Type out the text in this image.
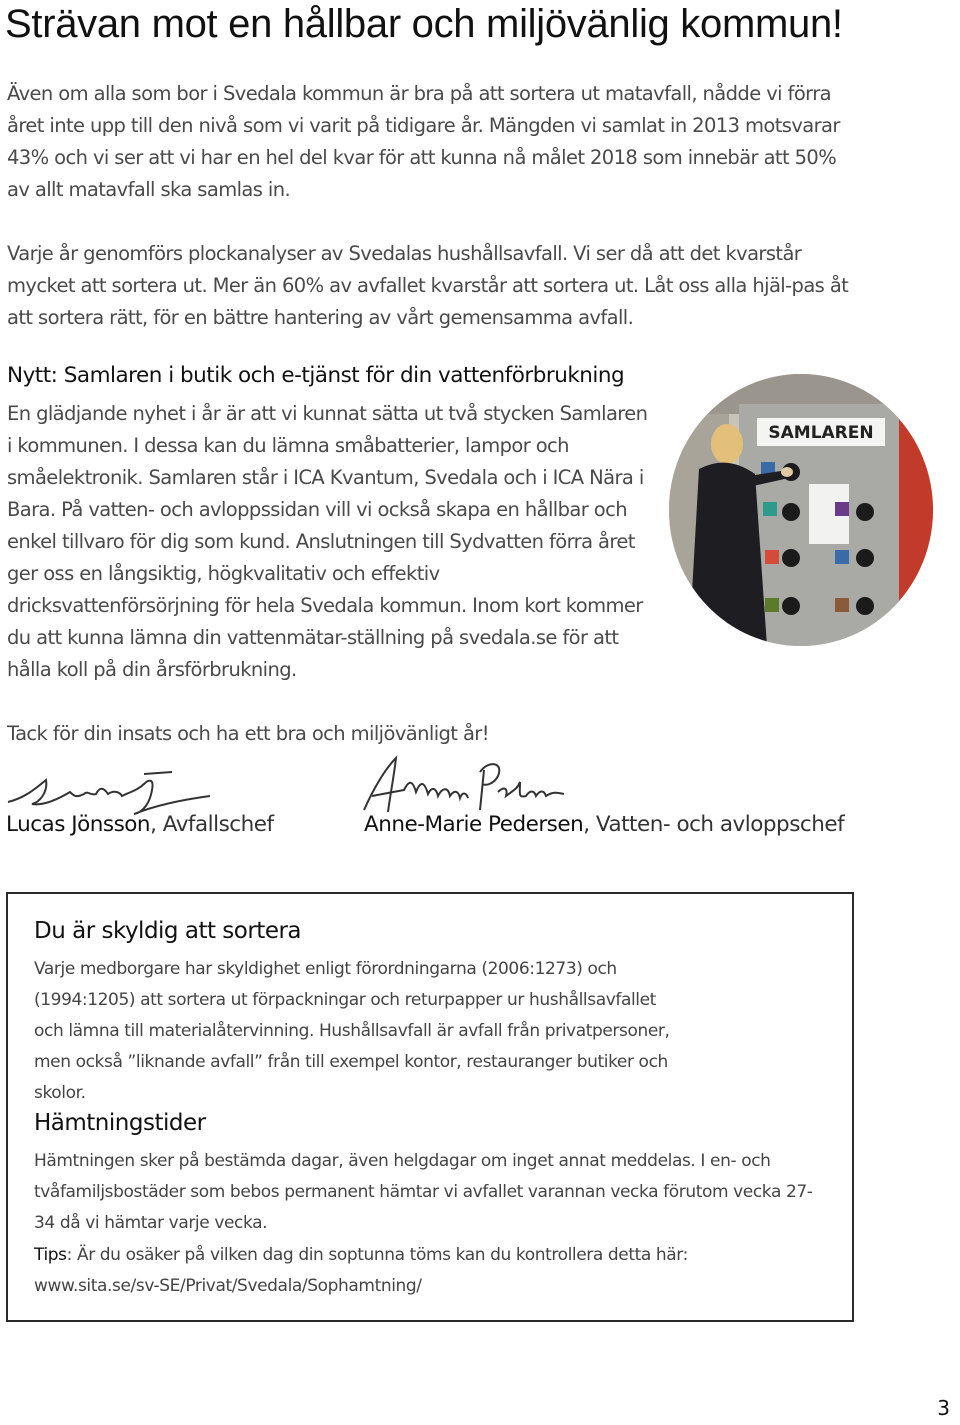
Strävan mot en hållbar och miljövänlig kommun!

Även om alla som bor i Svedala kommun är bra på att sortera ut matavfall, nådde vi förra året inte upp till den nivå som vi varit på tidigare år. Mängden vi samlat in 2013 motsvarar 43% och vi ser att vi har en hel del kvar för att kunna nå målet 2018 som innebär att 50% av allt matavfall ska samlas in.

Varje år genomförs plockanalyser av Svedalas hushållsavfall. Vi ser då att det kvarstår mycket att sortera ut. Mer än 60% av avfallet kvarstår att sortera ut. Låt oss alla hjäl-pas åt att sortera rätt, för en bättre hantering av vårt gemensamma avfall.

Nytt: Samlaren i butik och e-tjänst för din vattenförbrukning

En glädjande nyhet i år är att vi kunnat sätta ut två stycken Samlaren i kommunen. I dessa kan du lämna småbatterier, lampor och småelektronik. Samlaren står i ICA Kvantum, Svedala och i ICA Nära i Bara. På vatten- och avloppssidan vill vi också skapa en hållbar och enkel tillvaro för dig som kund. Anslutningen till Sydvatten förra året ger oss en långsiktig, högkvalitativ och effektiv dricksvattenförsörjning för hela Svedala kommun. Inom kort kommer du att kunna lämna din vattenmätar-ställning på svedala.se för att hålla koll på din årsförbrukning.

SAMLAREN

Tack för din insats och ha ett bra och miljövänligt år!

Lucas Jönsson, Avfallschef	Anne-Marie Pedersen, Vatten- och avloppschef
Du är skyldig att sortera

Varje medborgare har skyldighet enligt förordningarna (2006:1273) och (1994:1205) att sortera ut förpackningar och returpapper ur hushållsavfallet och lämna till materialåtervinning. Hushållsavfall är avfall från privatpersoner, men också ”liknande avfall” från till exempel kontor, restauranger butiker och skolor.

Hämtningstider

Hämtningen sker på bestämda dagar, även helgdagar om inget annat meddelas. I en- och tvåfamiljsbostäder som bebos permanent hämtar vi avfallet varannan vecka förutom vecka 27-34 då vi hämtar varje vecka.

Tips: Är du osäker på vilken dag din soptunna töms kan du kontrollera detta här:
www.sita.se/sv-SE/Privat/Svedala/Sophamtning/
3
